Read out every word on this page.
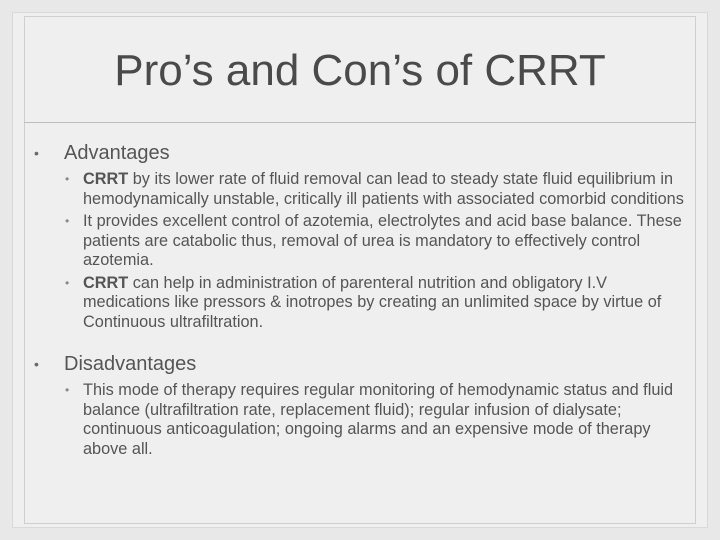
Pro’s and Con’s of CRRT

• Advantages

• CRRT by its lower rate of fluid removal can lead to steady state fluid equilibrium in hemodynamically unstable, critically ill patients with associated comorbid conditions

• It provides excellent control of azotemia, electrolytes and acid base balance. These patients are catabolic thus, removal of urea is mandatory to effectively control azotemia.

• CRRT can help in administration of parenteral nutrition and obligatory I.V medications like pressors & inotropes by creating an unlimited space by virtue of Continuous ultrafiltration.

• Disadvantages

• This mode of therapy requires regular monitoring of hemodynamic status and fluid balance (ultrafiltration rate, replacement fluid); regular infusion of dialysate; continuous anticoagulation; ongoing alarms and an expensive mode of therapy above all.
